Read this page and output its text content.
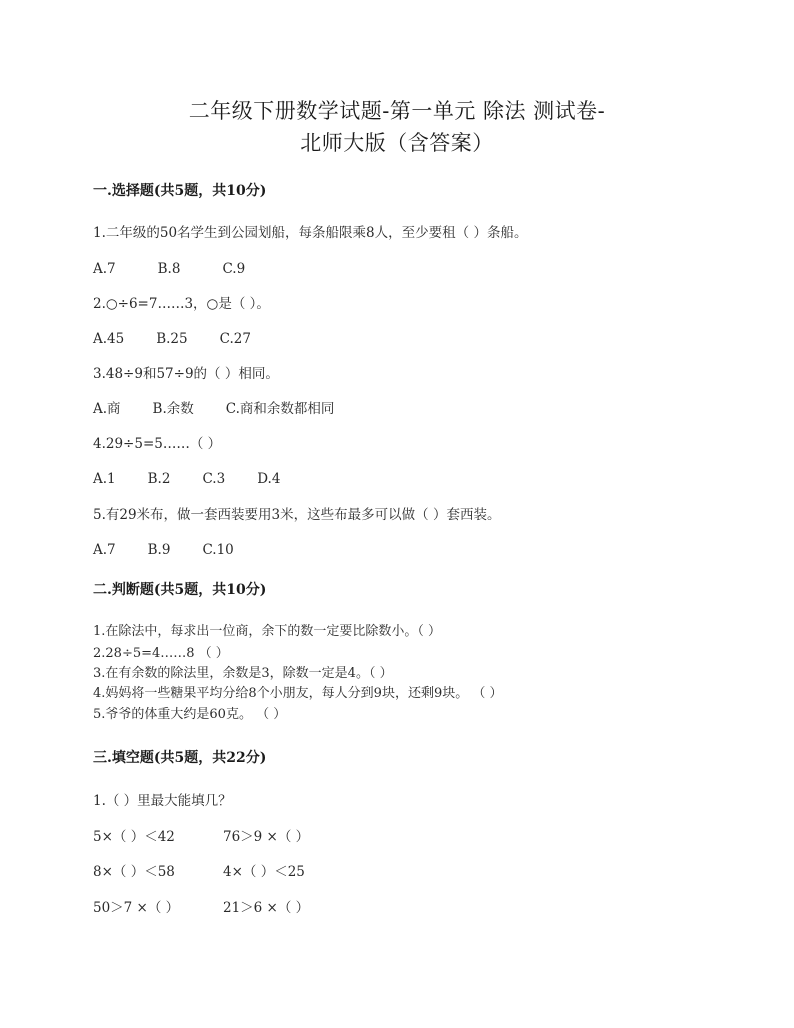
二年级下册数学试题-第一单元 除法 测试卷-
北师大版（含答案）
一.选择题(共5题，共10分)
1.二年级的50名学生到公园划船，每条船限乘8人，至少要租（ ）条船。
A.7	B.8	C.9
2.○÷6=7……3，○是（ ）。
A.45 B.25 C.27
3.48÷9和57÷9的（ ）相同。
A.商 B.余数 C.商和余数都相同
4.29÷5=5……（ ）
A.1 B.2 C.3 D.4
5.有29米布，做一套西装要用3米，这些布最多可以做（ ）套西装。
A.7 B.9 C.10
二.判断题(共5题，共10分)
1.在除法中，每求出一位商，余下的数一定要比除数小。（ ）
2.28÷5=4……8 （ ）
3.在有余数的除法里，余数是3，除数一定是4。（ ）
4.妈妈将一些糖果平均分给8个小朋友，每人分到9块，还剩9块。 （ ）
5.爷爷的体重大约是60克。 （ ）
三.填空题(共5题，共22分)
1.（ ）里最大能填几？
5×（ ）＜42	76＞9 ×（ ）
8×（ ）＜58	4×（ ）＜25
50＞7 ×（ ）	21＞6 ×（ ）
